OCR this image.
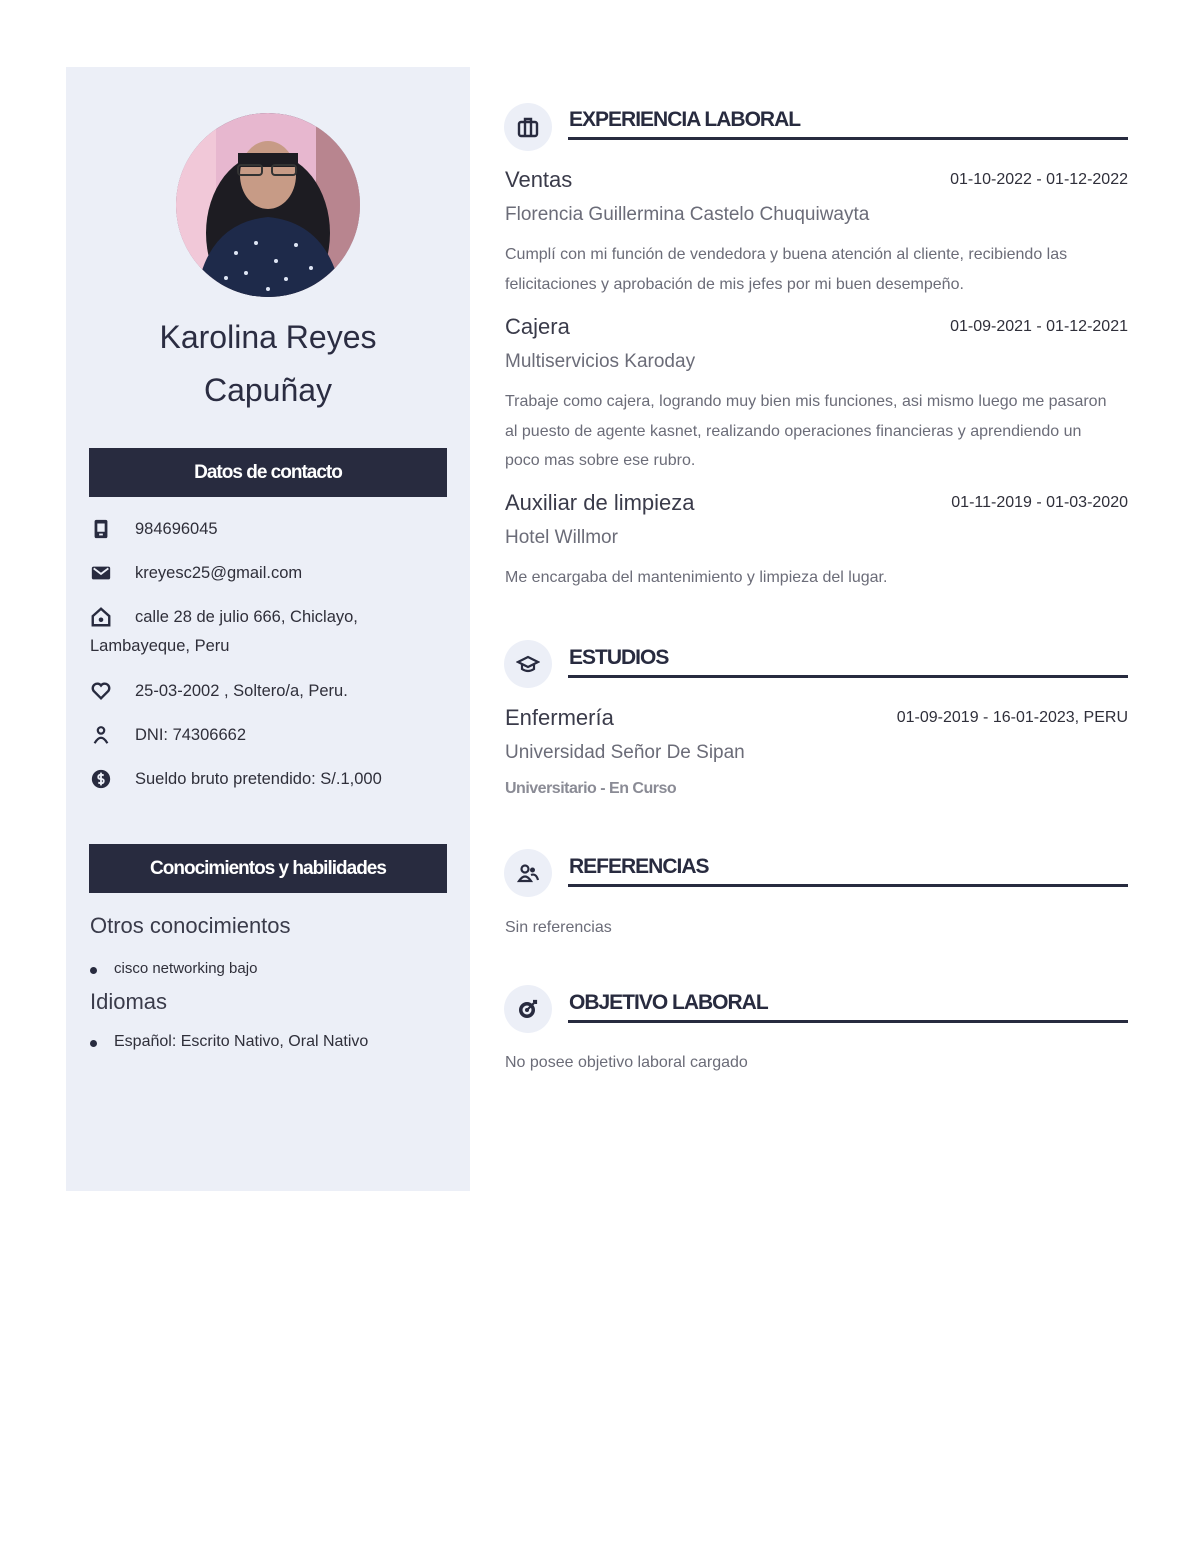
Karolina Reyes
Capuñay
Datos de contacto
984696045
kreyesc25@gmail.com
calle 28 de julio 666, Chiclayo, Lambayeque, Peru
25-03-2002 , Soltero/a, Peru.
DNI: 74306662
Sueldo bruto pretendido: S/.1,000
Conocimientos y habilidades
Otros conocimientos
cisco networking bajo
Idiomas
Español: Escrito Nativo, Oral Nativo
EXPERIENCIA LABORAL
Ventas	01-10-2022 - 01-12-2022
Florencia Guillermina Castelo Chuquiwayta
Cumplí con mi función de vendedora y buena atención al cliente, recibiendo las felicitaciones y aprobación de mis jefes por mi buen desempeño.
Cajera	01-09-2021 - 01-12-2021
Multiservicios Karoday
Trabaje como cajera, logrando muy bien mis funciones, asi mismo luego me pasaron al puesto de agente kasnet, realizando operaciones financieras y aprendiendo un poco mas sobre ese rubro.
Auxiliar de limpieza	01-11-2019 - 01-03-2020
Hotel Willmor
Me encargaba del mantenimiento y limpieza del lugar.
ESTUDIOS
Enfermería	01-09-2019 - 16-01-2023, PERU
Universidad Señor De Sipan
Universitario - En Curso
REFERENCIAS
Sin referencias
OBJETIVO LABORAL
No posee objetivo laboral cargado
